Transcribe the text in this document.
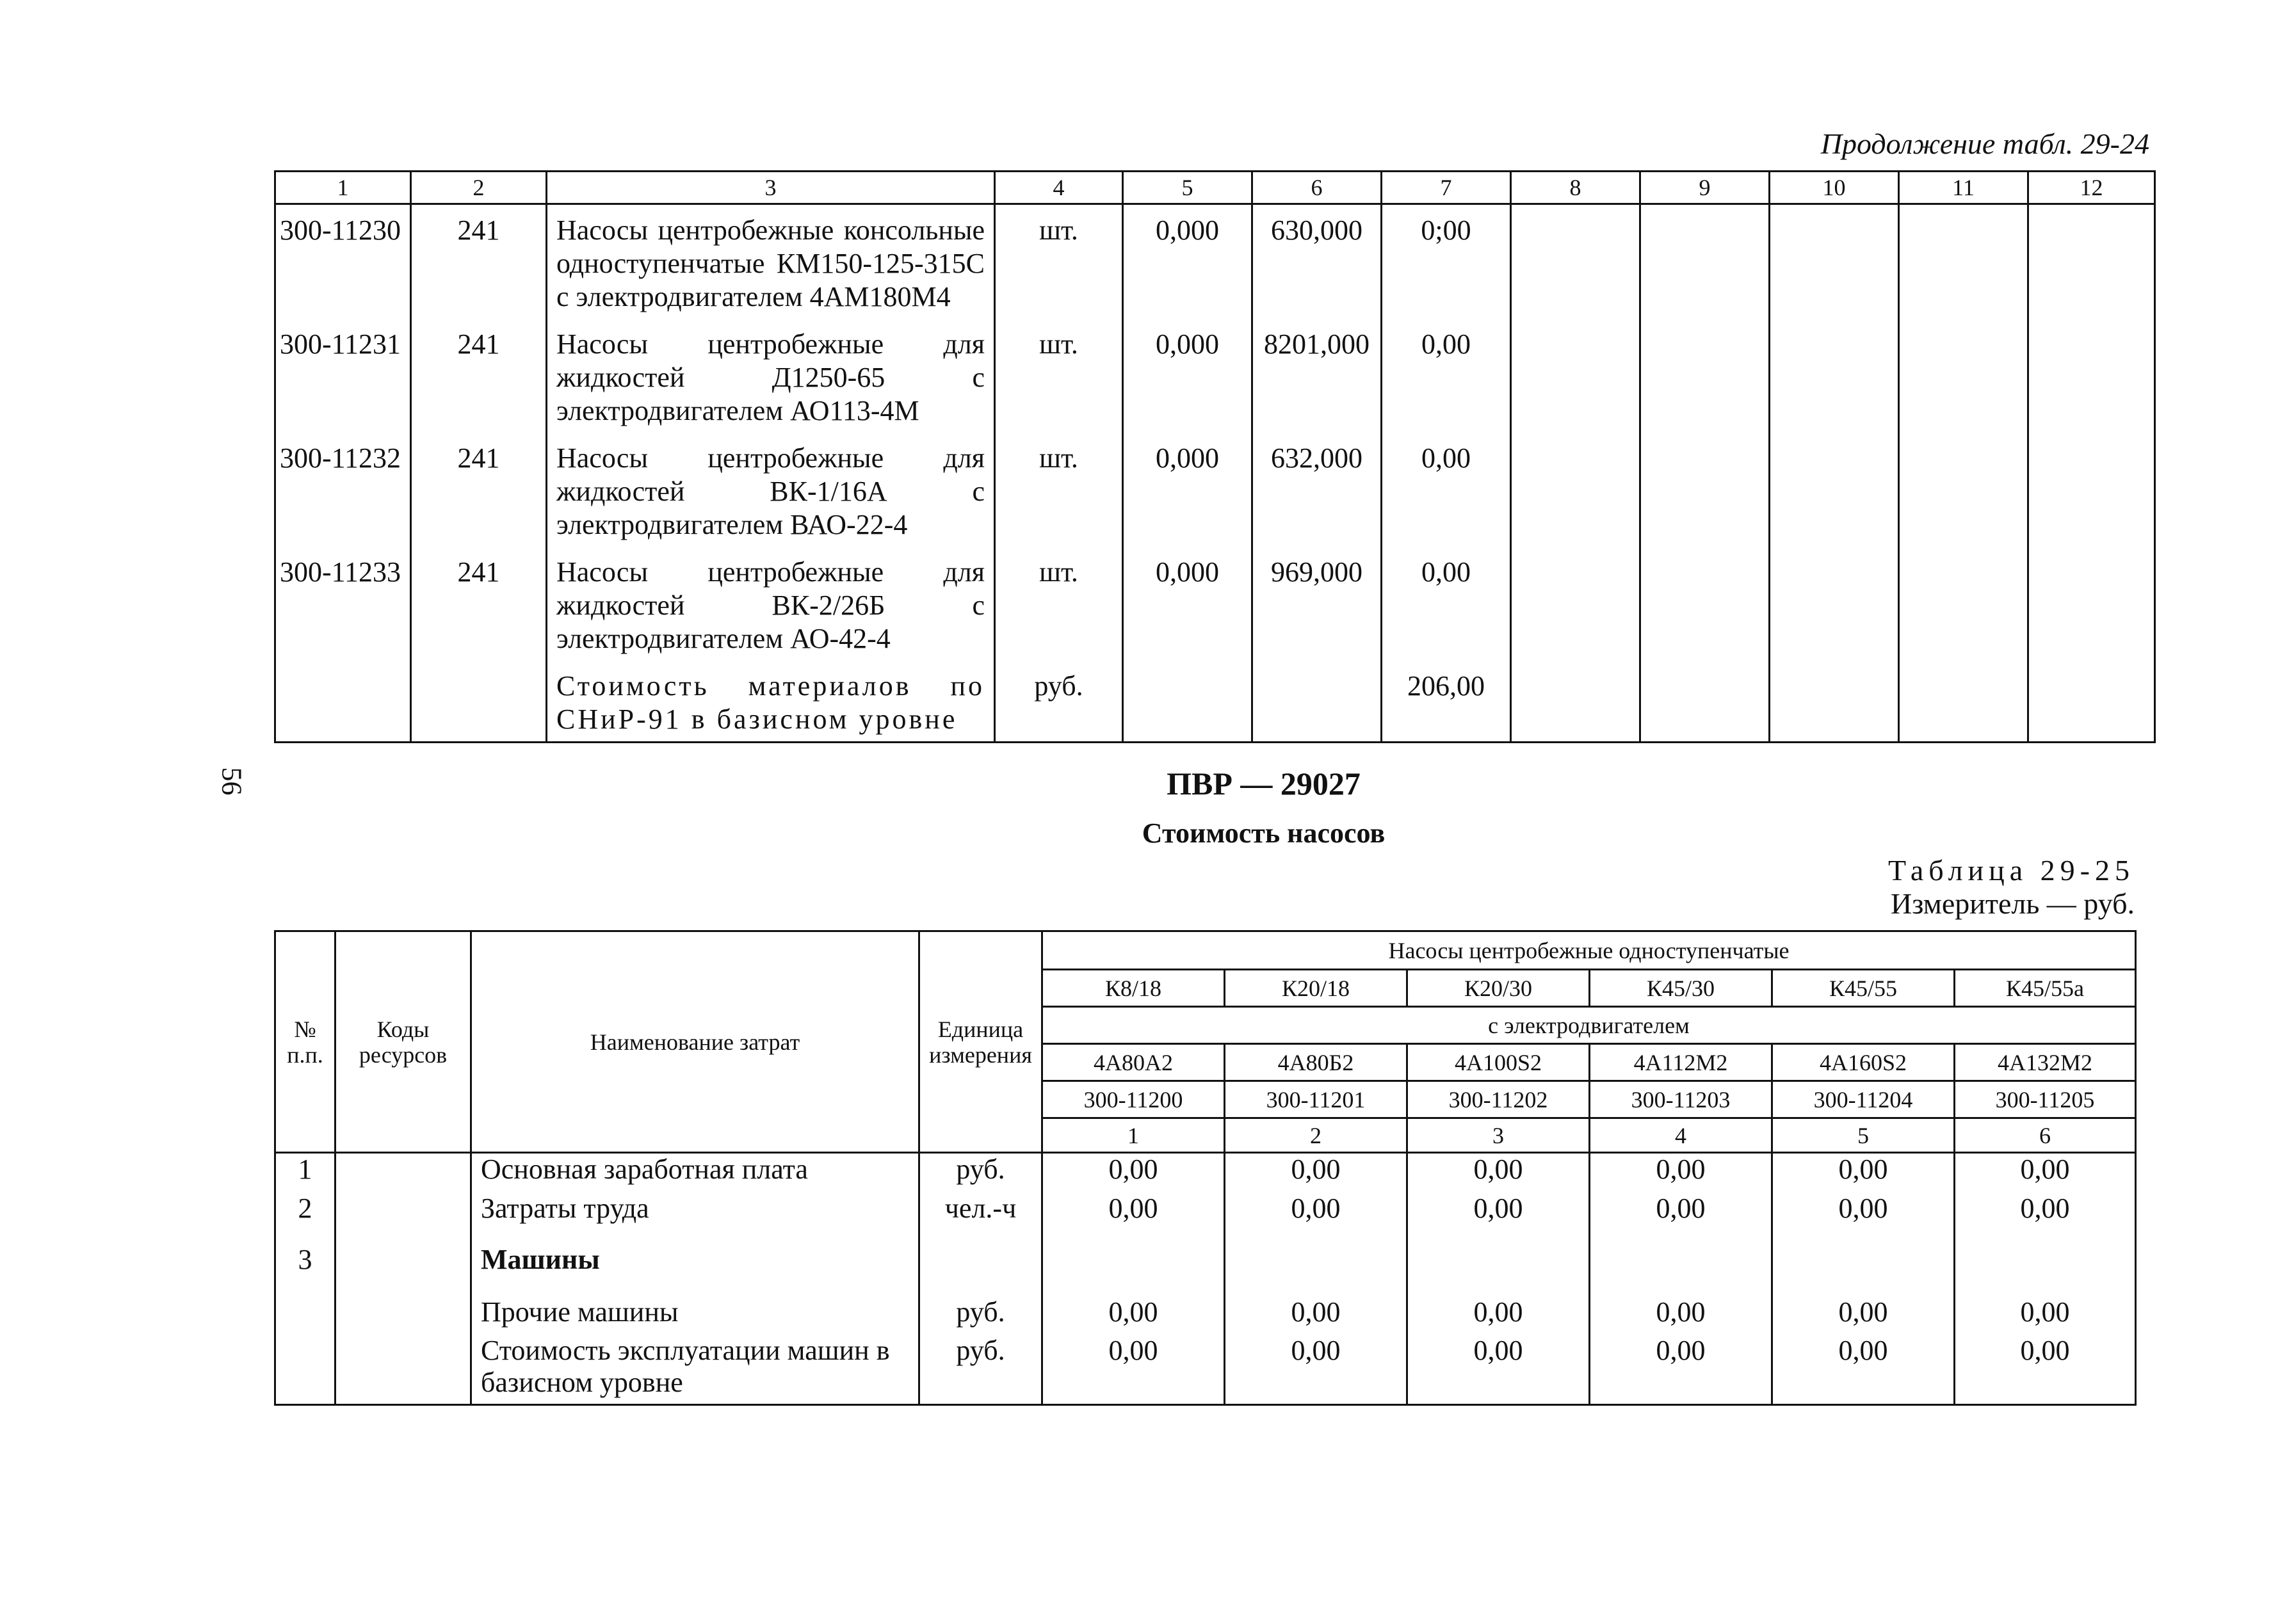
56
Продолжение табл. 29-24
1	2	3	4	5	6	7	8	9	10	11	12
300-11230	241	Насосы центробежные консольные одноступенчатые КМ150-125-315С с электродвигателем 4АМ180М4	шт.	0,000	630,000	0;00					
300-11231	241	Насосы центробежные для жидкостей Д1250-65 с электродвигателем АО113-4М	шт.	0,000	8201,000	0,00					
300-11232	241	Насосы центробежные для жидкостей ВК-1/16А с электродвигателем ВАО-22-4	шт.	0,000	632,000	0,00					
300-11233	241	Насосы центробежные для жидкостей ВК-2/26Б с электродвигателем АО-42-4	шт.	0,000	969,000	0,00					
		Стоимость материалов по СНиР-91 в базисном уровне	руб.			206,00					
ПВР — 29027
Стоимость насосов
Таблица 29-25
Измеритель — руб.
№ п.п.	Коды ресурсов	Наименование затрат	Единица измерения	Насосы центробежные одноступенчатые					
				К8/18	К20/18	К20/30	К45/30	К45/55	К45/55а
				с электродвигателем					
				4А80А2	4А80Б2	4А100S2	4А112М2	4А160S2	4А132М2
				300-11200	300-11201	300-11202	300-11203	300-11204	300-11205
				1	2	3	4	5	6
1		Основная заработная плата	руб.	0,00	0,00	0,00	0,00	0,00	0,00
2		Затраты труда	чел.-ч	0,00	0,00	0,00	0,00	0,00	0,00
3		Машины							
		Прочие машины	руб.	0,00	0,00	0,00	0,00	0,00	0,00
		Стоимость эксплуатации машин в базисном уровне	руб.	0,00	0,00	0,00	0,00	0,00	0,00
